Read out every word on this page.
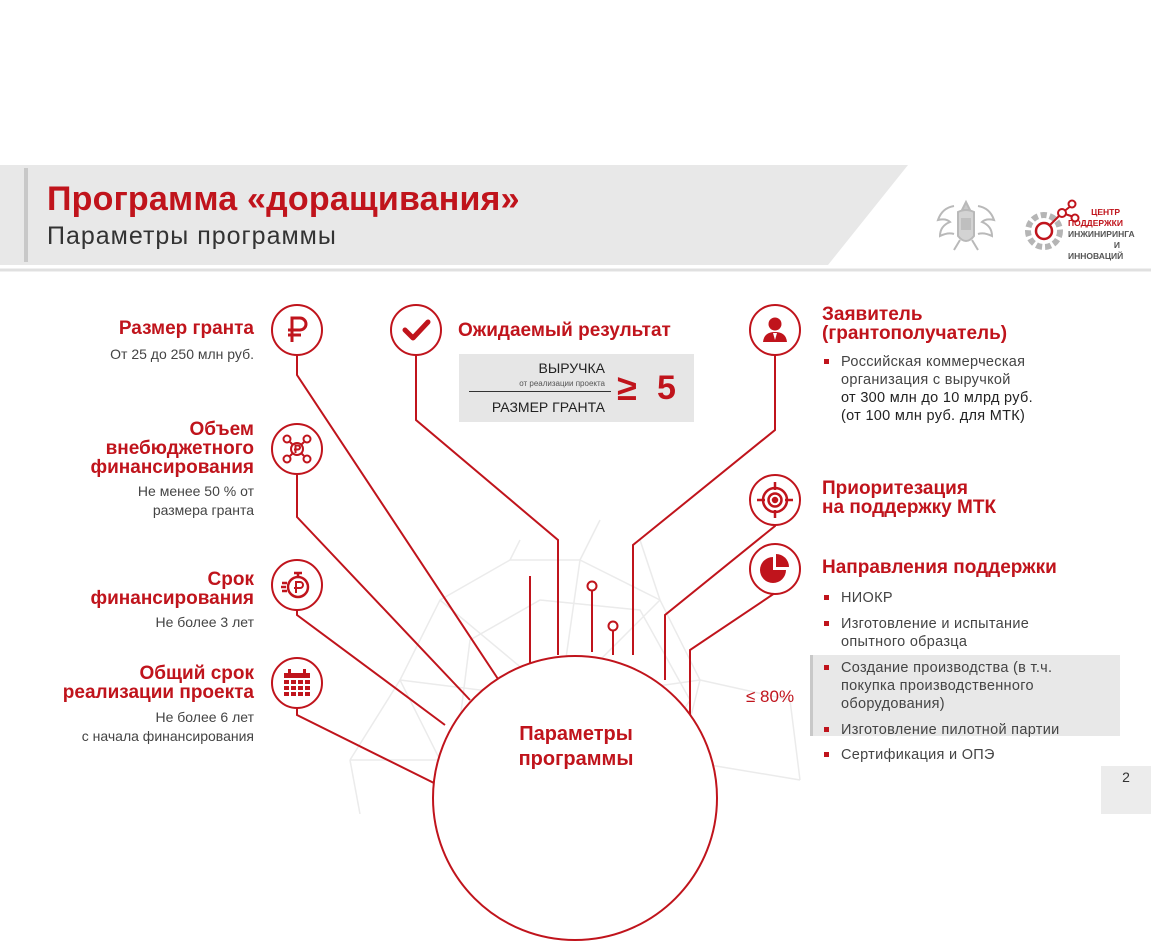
Программа «доращивания»
Параметры программы
ЦЕНТР
ПОДДЕРЖКИ
ИНЖИНИРИНГА
И ИННОВАЦИЙ
Параметры
программы
Размер гранта
От 25 до 250 млн руб.
Объем
внебюджетного
финансирования
Не менее 50 % от
размера гранта
Срок
финансирования
Не более 3 лет
Общий срок
реализации проекта
Не более 6 лет
с начала финансирования
Ожидаемый результат
ВЫРУЧКА
от реализации проекта
РАЗМЕР ГРАНТА ≥ 5
Заявитель
(грантополучатель)
Российская коммерческая
организация с выручкой
от 300 млн до 10 млрд руб.
(от 100 млн руб. для МТК)
Приоритезация
на поддержку МТК
Направления поддержки
≤ 80%
НИОКР
Изготовление и испытание
опытного образца
Создание производства (в т.ч.
покупка производственного
оборудования)
Изготовление пилотной партии
Сертификация и ОПЭ
2
